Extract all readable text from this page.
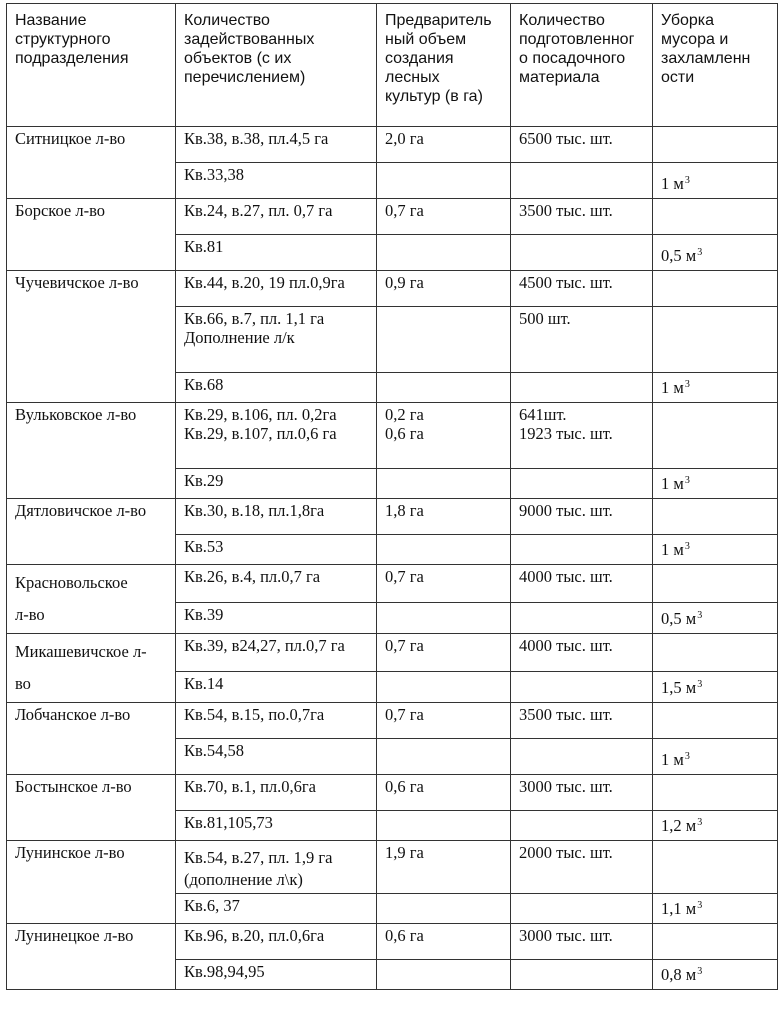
Название
структурного
подразделения	Количество
задействованных
объектов (с их
перечислением)	Предваритель
ный объем
создания
лесных
культур (в га)	Количество
подготовленног
о посадочного
материала	Уборка
мусора и
захламленн
ости
Ситницкое л-во	Кв.38, в.38, пл.4,5 га	2,0 га	6500 тыс. шт.	
	Кв.33,38			1 $м^3$
Борское л-во	Кв.24, в.27, пл. 0,7 га	0,7 га	3500 тыс. шт.	
	Кв.81			0,5 $м^3$
Чучевичское л-во	Кв.44, в.20, 19 пл.0,9га	0,9 га	4500 тыс. шт.	
	Кв.66, в.7, пл. 1,1 га
Дополнение л/к		500 шт.	
	Кв.68			1 $м^3$
Вульковское л-во	Кв.29, в.106, пл. 0,2га
Кв.29, в.107, пл.0,6 га	0,2 га
0,6 га	641шт.
1923 тыс. шт.	
	Кв.29			1 $м^3$
Дятловичское л-во	Кв.30, в.18, пл.1,8га	1,8 га	9000 тыс. шт.	
	Кв.53			1 $м^3$
Красновольское
л-во	Кв.26, в.4, пл.0,7 га	0,7 га	4000 тыс. шт.	
	Кв.39			0,5 $м^3$
Микашевичское л-
во	Кв.39, в24,27, пл.0,7 га	0,7 га	4000 тыс. шт.	
	Кв.14			1,5 $м^3$
Лобчанское л-во	Кв.54, в.15, по.0,7га	0,7 га	3500 тыс. шт.	
	Кв.54,58			1 $м^3$
Бостынское л-во	Кв.70, в.1, пл.0,6га	0,6 га	3000 тыс. шт.	
	Кв.81,105,73			1,2 $м^3$
Лунинское л-во	Кв.54, в.27, пл. 1,9 га
(дополнение л\к)	1,9 га	2000 тыс. шт.	
	Кв.6, 37			1,1 $м^3$
Лунинецкое л-во	Кв.96, в.20, пл.0,6га	0,6 га	3000 тыс. шт.	
	Кв.98,94,95			0,8 $м^3$
